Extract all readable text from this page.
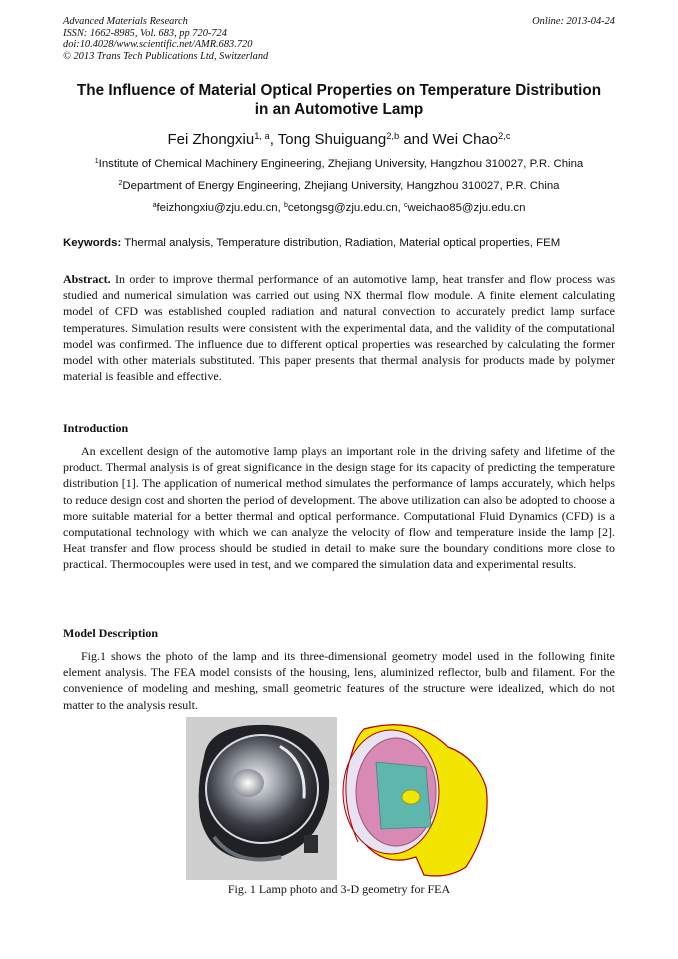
Advanced Materials Research
ISSN: 1662-8985, Vol. 683, pp 720-724
doi:10.4028/www.scientific.net/AMR.683.720
© 2013 Trans Tech Publications Ltd, Switzerland
Online: 2013-04-24
The Influence of Material Optical Properties on Temperature Distribution
in an Automotive Lamp
Fei Zhongxiu$^{1, a}$, Tong Shuiguang$^{2,b}$ and Wei Chao$^{2,c}$
$^1$Institute of Chemical Machinery Engineering, Zhejiang University, Hangzhou 310027, P.R. China
$^2$Department of Energy Engineering, Zhejiang University, Hangzhou 310027, P.R. China
$^a$feizhongxiu@zju.edu.cn, $^b$cetongsg@zju.edu.cn, $^c$weichao85@zju.edu.cn
Keywords: Thermal analysis, Temperature distribution, Radiation, Material optical properties, FEM
Abstract. In order to improve thermal performance of an automotive lamp, heat transfer and flow process was studied and numerical simulation was carried out using NX thermal flow module. A finite element calculating model of CFD was established coupled radiation and natural convection to accurately predict lamp surface temperatures. Simulation results were consistent with the experimental data, and the validity of the computational model was confirmed. The influence due to different optical properties was researched by calculating the former model with other materials substituted. This paper presents that thermal analysis for products made by polymer material is feasible and effective.
Introduction
An excellent design of the automotive lamp plays an important role in the driving safety and lifetime of the product. Thermal analysis is of great significance in the design stage for its capacity of predicting the temperature distribution [1]. The application of numerical method simulates the performance of lamps accurately, which helps to reduce design cost and shorten the period of development. The above utilization can also be adopted to choose a more suitable material for a better thermal and optical performance. Computational Fluid Dynamics (CFD) is a computational technology with which we can analyze the velocity of flow and temperature inside the lamp [2]. Heat transfer and flow process should be studied in detail to make sure the boundary conditions more close to practical. Thermocouples were used in test, and we compared the simulation data and experimental results.
Model Description
Fig.1 shows the photo of the lamp and its three-dimensional geometry model used in the following finite element analysis. The FEA model consists of the housing, lens, aluminized reflector, bulb and filament. For the convenience of modeling and meshing, small geometric features of the structure were idealized, which do not matter to the analysis result.
Fig. 1 Lamp photo and 3-D geometry for FEA
